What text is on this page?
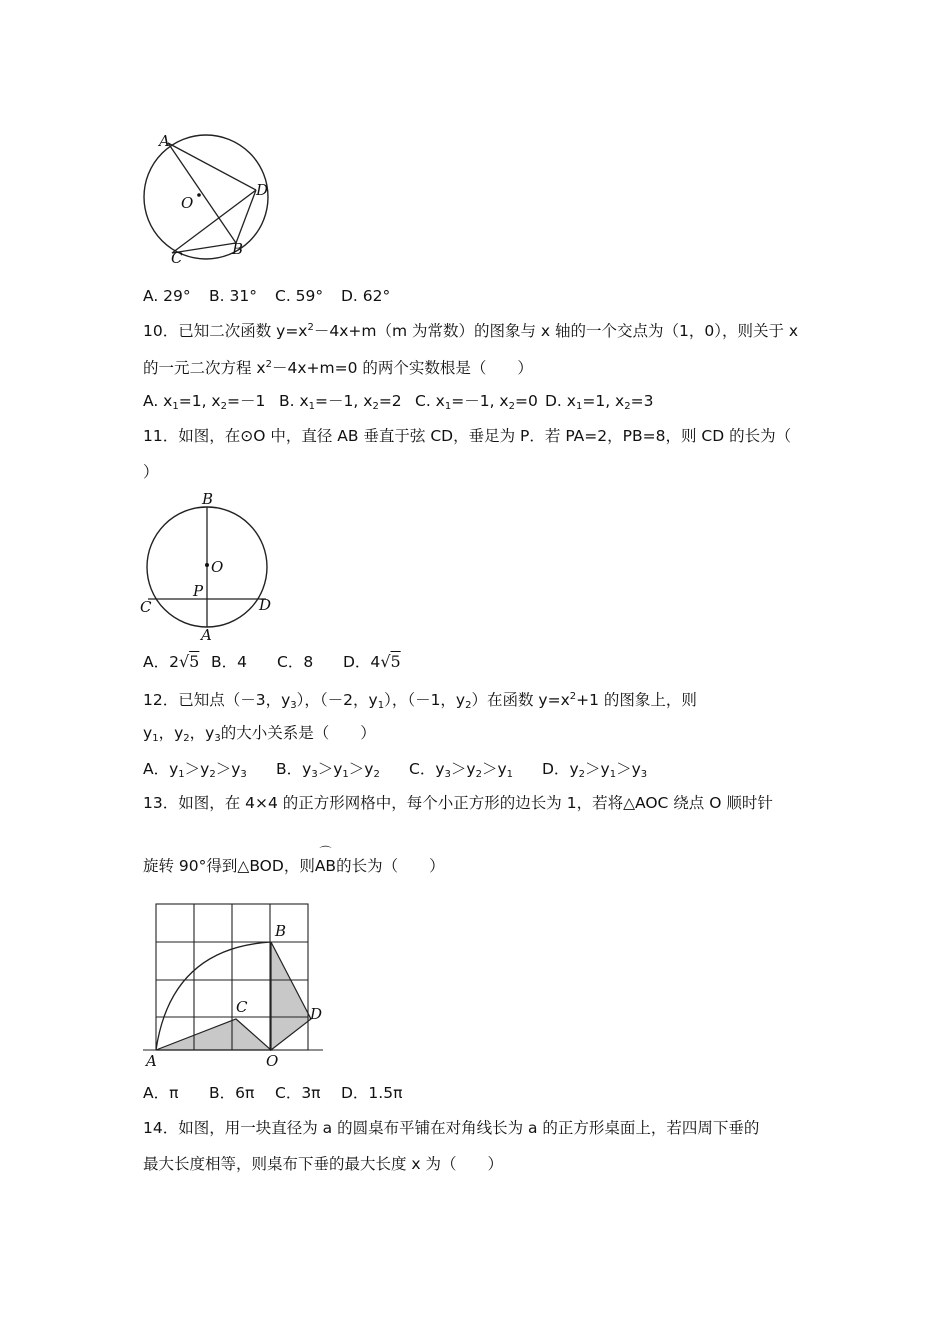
A
O
D
B
C
A. 29° B. 31° C. 59° D. 62°
10．已知二次函数 $y=x^2-4x+m(m$ 为常数）的图象与 x 轴的一个交点为（1，0），则关于 x
的一元二次方程 $x^2-4x+m=0$ 的两个实数根是（　　）
A. $x_1=1$, $x_2=-1$ B. $x_1=-1$, $x_2=2$ C. $x_1=-1$, $x_2=0$ D. $x_1=1$, $x_2=3$
11．如图，在⊙O 中，直径 AB 垂直于弦 CD，垂足为 P．若 PA=2，PB=8，则 CD 的长为（
）
B
O
P
C	D
A
A．2√5 B．4 C．8 D．4√5
12．已知点（－3，$y_3$），（－2，$y_1$），（－1，$y_2$）在函数 $y=x^2+1$ 的图象上，则
$y_1$，$y_2$，$y_3$的大小关系是（　　）
A．$y_1>y_2>y_3$ B．$y_3>y_1>y_2$ C．$y_3>y_2>y_1$ D．$y_2>y_1>y_3$
13．如图，在 4×4 的正方形网格中，每个小正方形的边长为 1，若将△AOC 绕点 O 顺时针
旋转 90°得到△BOD，则
⌒
AB的长为（　　）
B
C	D
A	O
A．π B．6π C．3π D．1.5π
14．如图，用一块直径为 a 的圆桌布平铺在对角线长为 a 的正方形桌面上，若四周下垂的
最大长度相等，则桌布下垂的最大长度 x 为（　　）
